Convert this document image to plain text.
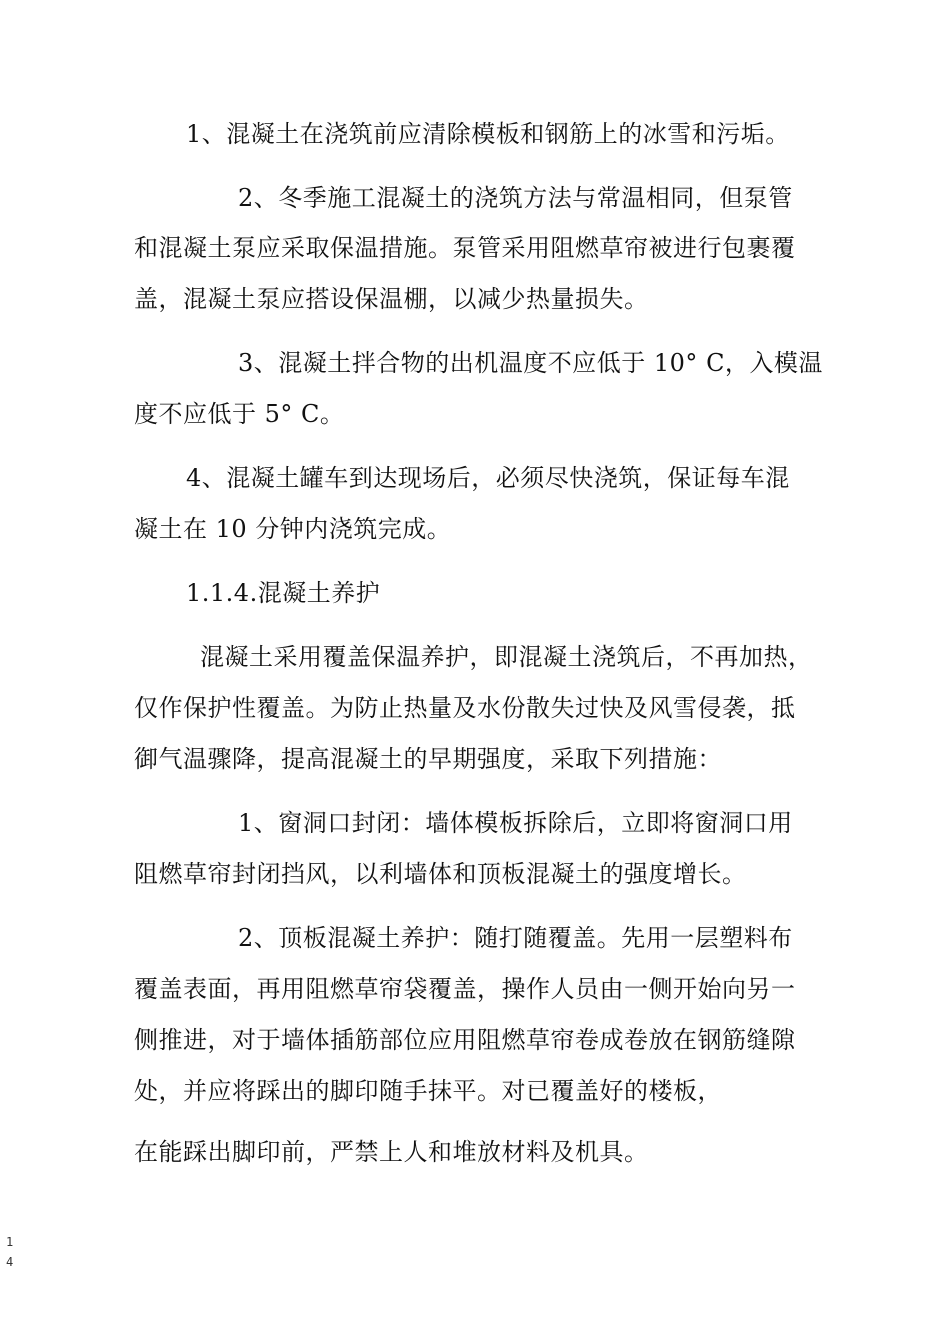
1、混凝土在浇筑前应清除模板和钢筋上的冰雪和污垢。
2、冬季施工混凝土的浇筑方法与常温相同，但泵管
和混凝土泵应采取保温措施。泵管采用阻燃草帘被进行包裹覆
盖，混凝土泵应搭设保温棚，以减少热量损失。
3、混凝土拌合物的出机温度不应低于 10° C，入模温
度不应低于 5° C。
4、混凝土罐车到达现场后，必须尽快浇筑，保证每车混
凝土在 10 分钟内浇筑完成。
1.1.4.混凝土养护
混凝土采用覆盖保温养护，即混凝土浇筑后，不再加热，
仅作保护性覆盖。为防止热量及水份散失过快及风雪侵袭，抵
御气温骤降，提高混凝土的早期强度，采取下列措施：
1、窗洞口封闭：墙体模板拆除后，立即将窗洞口用
阻燃草帘封闭挡风，以利墙体和顶板混凝土的强度增长。
2、顶板混凝土养护：随打随覆盖。先用一层塑料布
覆盖表面，再用阻燃草帘袋覆盖，操作人员由一侧开始向另一
侧推进，对于墙体插筋部位应用阻燃草帘卷成卷放在钢筋缝隙
处，并应将踩出的脚印随手抹平。对已覆盖好的楼板，
在能踩出脚印前，严禁上人和堆放材料及机具。
1
4
